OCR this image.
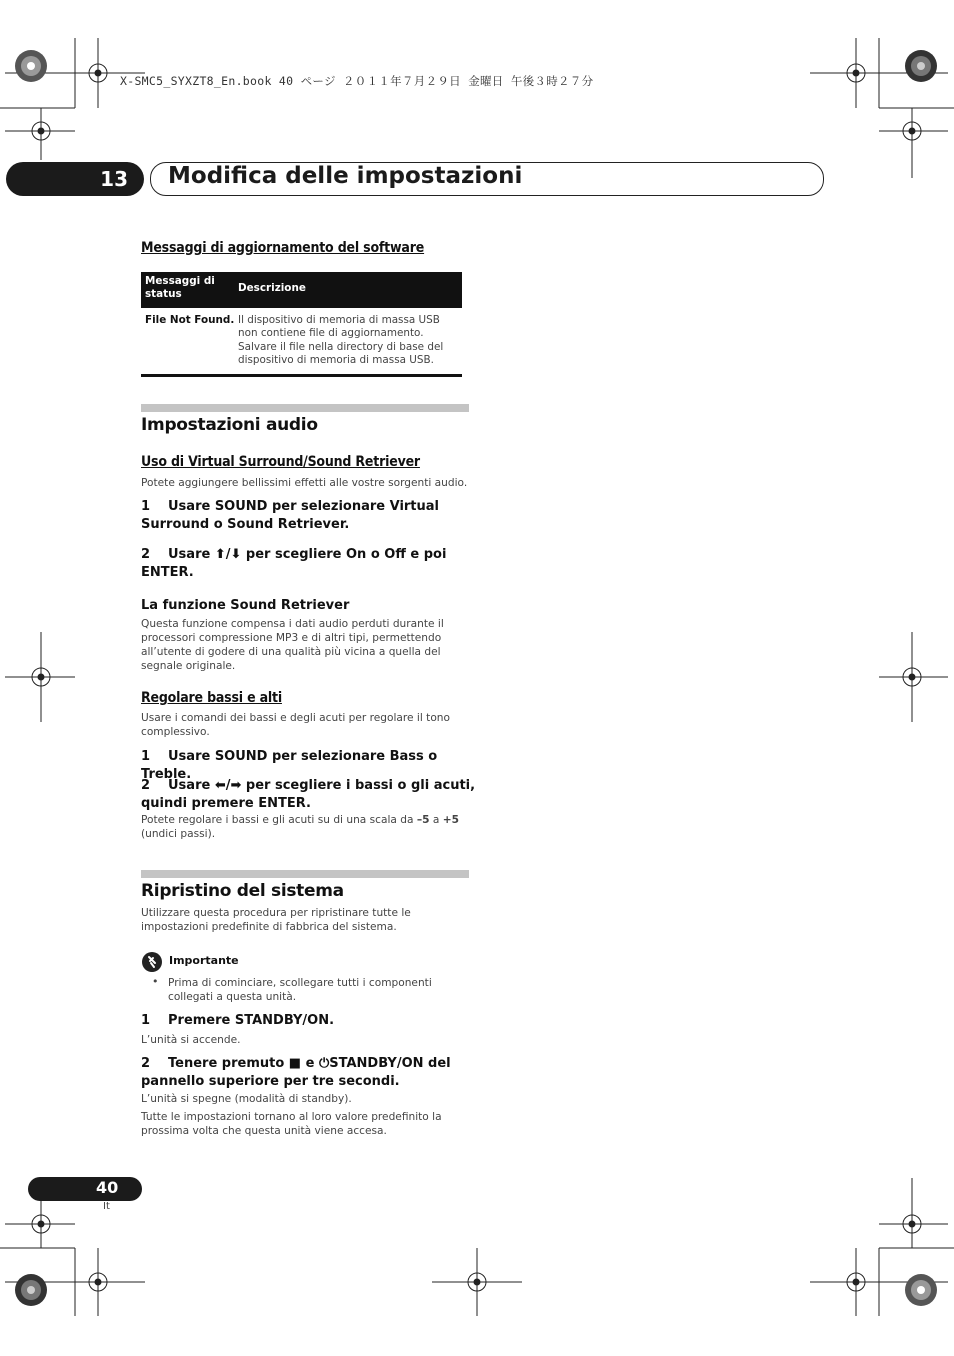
X-SMC5_SYXZT8_En.book 40 ページ ２０１１年７月２９日 金曜日 午後３時２７分
13 Modifica delle impostazioni
Messaggi di aggiornamento del software
Messaggi di status	Descrizione
File Not Found. Il dispositivo di memoria di massa USB non contiene file di aggiornamento. Salvare il file nella directory di base del dispositivo di memoria di massa USB.
Impostazioni audio
Uso di Virtual Surround/Sound Retriever
Potete aggiungere bellissimi effetti alle vostre sorgenti audio.
1 Usare SOUND per selezionare Virtual Surround o Sound Retriever.
2 Usare ⬆/⬇ per scegliere On o Off e poi ENTER.
La funzione Sound Retriever
Questa funzione compensa i dati audio perduti durante il processori compressione MP3 e di altri tipi, permettendo all’utente di godere di una qualità più vicina a quella del segnale originale.
Regolare bassi e alti
Usare i comandi dei bassi e degli acuti per regolare il tono complessivo.
1 Usare SOUND per selezionare Bass o Treble.
2 Usare ⬅/➡ per scegliere i bassi o gli acuti, quindi premere ENTER.
Potete regolare i bassi e gli acuti su di una scala da –5 a +5 (undici passi).
Ripristino del sistema
Utilizzare questa procedura per ripristinare tutte le impostazioni predefinite di fabbrica del sistema.
Importante
• Prima di cominciare, scollegare tutti i componenti collegati a questa unità.
1 Premere STANDBY/ON.
L’unità si accende.
2 Tenere premuto ■ e ⏻STANDBY/ON del pannello superiore per tre secondi.
L’unità si spegne (modalità di standby).
Tutte le impostazioni tornano al loro valore predefinito la prossima volta che questa unità viene accesa.
40
It
